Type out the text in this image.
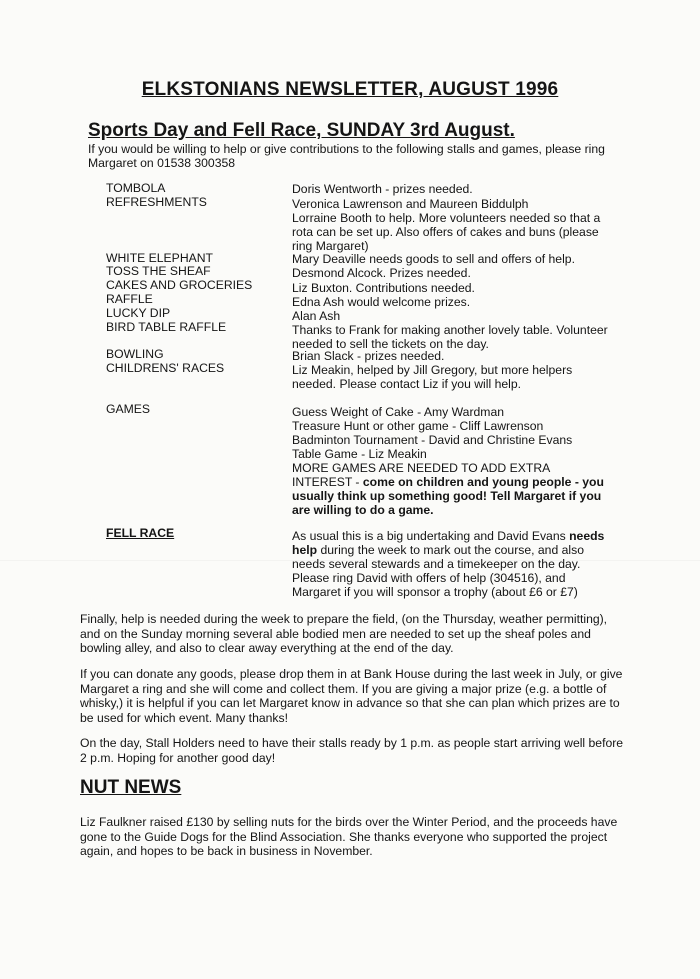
ELKSTONIANS NEWSLETTER, AUGUST 1996
Sports Day and Fell Race, SUNDAY 3rd August.
If you would be willing to help or give contributions to the following stalls and games, please ring Margaret on 01538 300358
TOMBOLA	Doris Wentworth - prizes needed.
REFRESHMENTS	Veronica Lawrenson and Maureen Biddulph
Lorraine Booth to help. More volunteers needed so that a rota can be set up. Also offers of cakes and buns (please ring Margaret)
WHITE ELEPHANT	Mary Deaville needs goods to sell and offers of help.
TOSS THE SHEAF	Desmond Alcock. Prizes needed.
CAKES AND GROCERIES	Liz Buxton. Contributions needed.
RAFFLE	Edna Ash would welcome prizes.
LUCKY DIP	Alan Ash
BIRD TABLE RAFFLE	Thanks to Frank for making another lovely table. Volunteer needed to sell the tickets on the day.
BOWLING	Brian Slack - prizes needed.
CHILDRENS' RACES	Liz Meakin, helped by Jill Gregory, but more helpers needed. Please contact Liz if you will help.
GAMES	Guess Weight of Cake - Amy Wardman
Treasure Hunt or other game - Cliff Lawrenson
Badminton Tournament - David and Christine Evans
Table Game - Liz Meakin
MORE GAMES ARE NEEDED TO ADD EXTRA INTEREST - come on children and young people - you usually think up something good! Tell Margaret if you are willing to do a game.
FELL RACE	As usual this is a big undertaking and David Evans needs help during the week to mark out the course, and also needs several stewards and a timekeeper on the day. Please ring David with offers of help (304516), and Margaret if you will sponsor a trophy (about £6 or £7)
Finally, help is needed during the week to prepare the field, (on the Thursday, weather permitting), and on the Sunday morning several able bodied men are needed to set up the sheaf poles and bowling alley, and also to clear away everything at the end of the day.
If you can donate any goods, please drop them in at Bank House during the last week in July, or give Margaret a ring and she will come and collect them. If you are giving a major prize (e.g. a bottle of whisky,) it is helpful if you can let Margaret know in advance so that she can plan which prizes are to be used for which event. Many thanks!
On the day, Stall Holders need to have their stalls ready by 1 p.m. as people start arriving well before 2 p.m. Hoping for another good day!
NUT NEWS
Liz Faulkner raised £130 by selling nuts for the birds over the Winter Period, and the proceeds have gone to the Guide Dogs for the Blind Association. She thanks everyone who supported the project again, and hopes to be back in business in November.
